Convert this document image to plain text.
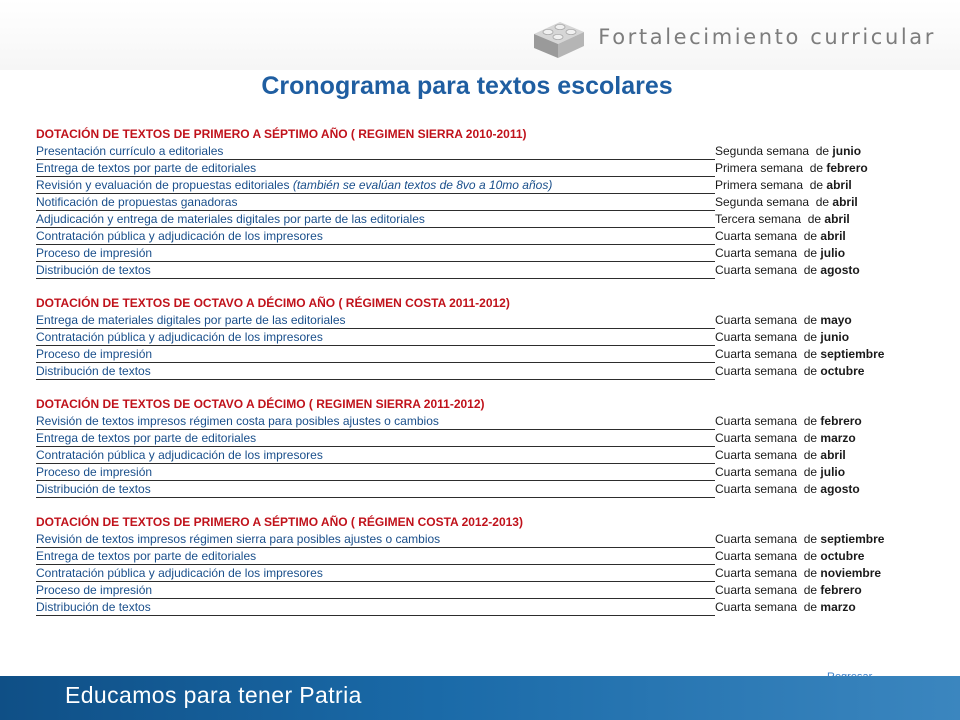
Fortalecimiento curricular
Cronograma para textos escolares
DOTACIÓN DE TEXTOS DE PRIMERO A SÉPTIMO AÑO ( REGIMEN SIERRA 2010-2011)
Presentación currículo a editoriales	Segunda semana  de junio
Entrega de textos por parte de editoriales	Primera semana  de febrero
Revisión y evaluación de propuestas editoriales (también se evalúan textos de 8vo a 10mo años)	Primera semana  de abril
Notificación de propuestas ganadoras	Segunda semana  de abril
Adjudicación y entrega de materiales digitales por parte de las editoriales	Tercera semana  de abril
Contratación pública y adjudicación de los impresores	Cuarta semana  de abril
Proceso de impresión	Cuarta semana  de julio
Distribución de textos	Cuarta semana  de agosto
DOTACIÓN DE TEXTOS DE OCTAVO A DÉCIMO AÑO ( RÉGIMEN COSTA 2011-2012)
Entrega de materiales digitales por parte de las editoriales	Cuarta semana  de mayo
Contratación pública y adjudicación de los impresores	Cuarta semana  de junio
Proceso de impresión	Cuarta semana  de septiembre
Distribución de textos	Cuarta semana  de octubre
DOTACIÓN DE TEXTOS DE OCTAVO A DÉCIMO ( REGIMEN SIERRA 2011-2012)
Revisión de textos impresos régimen costa para posibles ajustes o cambios	Cuarta semana  de febrero
Entrega de textos por parte de editoriales	Cuarta semana  de marzo
Contratación pública y adjudicación de los impresores	Cuarta semana  de abril
Proceso de impresión	Cuarta semana  de julio
Distribución de textos	Cuarta semana  de agosto
DOTACIÓN DE TEXTOS DE PRIMERO A SÉPTIMO AÑO ( RÉGIMEN COSTA 2012-2013)
Revisión de textos impresos régimen sierra para posibles ajustes o cambios	Cuarta semana  de septiembre
Entrega de textos por parte de editoriales	Cuarta semana  de octubre
Contratación pública y adjudicación de los impresores	Cuarta semana  de noviembre
Proceso de impresión	Cuarta semana  de febrero
Distribución de textos	Cuarta semana  de marzo
Educamos para tener Patria
